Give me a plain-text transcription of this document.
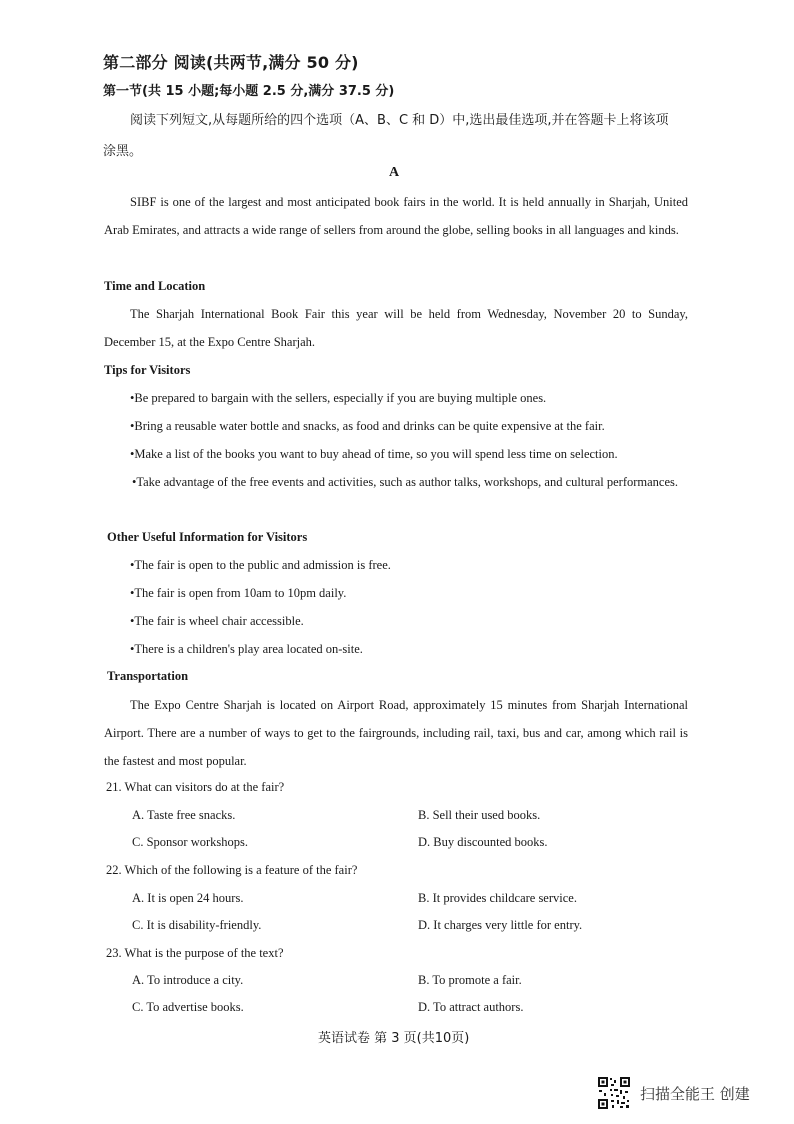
第二部分 阅读(共两节,满分 50 分)
第一节(共 15 小题;每小题 2.5 分,满分 37.5 分)
阅读下列短文,从每题所给的四个选项（A、B、C 和 D）中,选出最佳选项,并在答题卡上将该项
涂黑。
A
SIBF is one of the largest and most anticipated book fairs in the world. It is held annually in Sharjah, United Arab Emirates, and attracts a wide range of sellers from around the globe, selling books in all languages and kinds.
Time and Location
The Sharjah International Book Fair this year will be held from Wednesday, November 20 to Sunday, December 15, at the Expo Centre Sharjah.
Tips for Visitors
•Be prepared to bargain with the sellers, especially if you are buying multiple ones.
•Bring a reusable water bottle and snacks, as food and drinks can be quite expensive at the fair.
•Make a list of the books you want to buy ahead of time, so you will spend less time on selection.
•Take advantage of the free events and activities, such as author talks, workshops, and cultural performances.
Other Useful Information for Visitors
•The fair is open to the public and admission is free.
•The fair is open from 10am to 10pm daily.
•The fair is wheel chair accessible.
•There is a children's play area located on-site.
Transportation
The Expo Centre Sharjah is located on Airport Road, approximately 15 minutes from Sharjah International Airport. There are a number of ways to get to the fairgrounds, including rail, taxi, bus and car, among which rail is the fastest and most popular.
21. What can visitors do at the fair?
A. Taste free snacks.	B. Sell their used books.
C. Sponsor workshops.	D. Buy discounted books.
22. Which of the following is a feature of the fair?
A. It is open 24 hours.	B. It provides childcare service.
C. It is disability-friendly.	D. It charges very little for entry.
23. What is the purpose of the text?
A. To introduce a city.	B. To promote a fair.
C. To advertise books.	D. To attract authors.
英语试卷 第 3 页(共10页)
扫描全能王 创建
